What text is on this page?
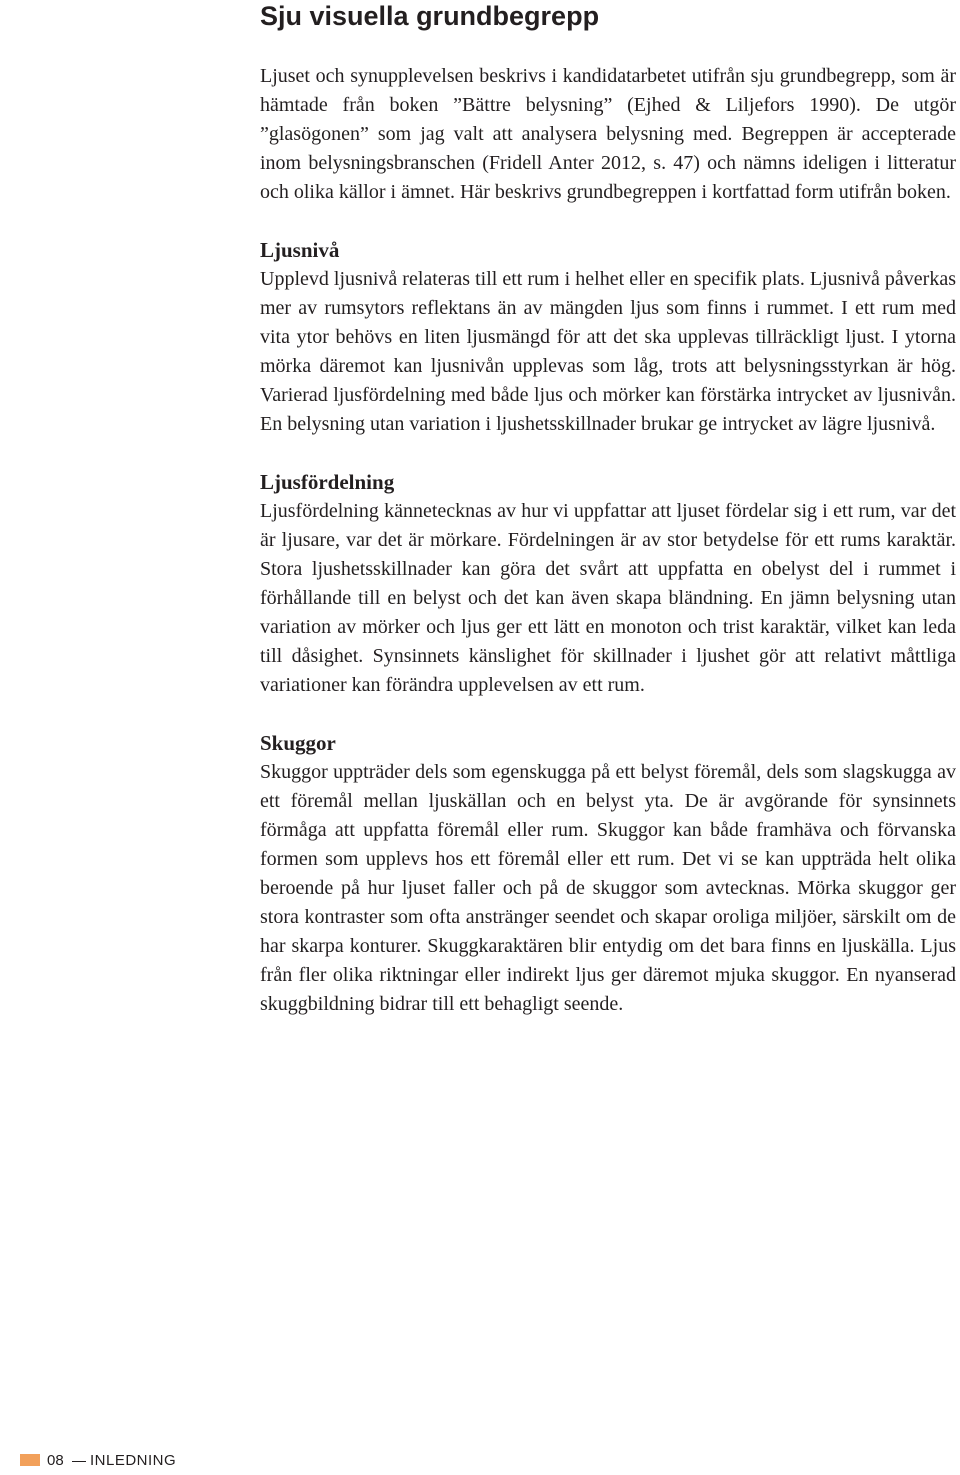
Sju visuella grundbegrepp

Ljuset och synupplevelsen beskrivs i kandidatarbetet utifrån sju grundbegrepp, som är hämtade från boken ”Bättre belysning” (Ejhed & Liljefors 1990). De utgör ”glasögonen” som jag valt att analysera belysning med. Begreppen är accepterade inom belysningsbranschen (Fridell Anter 2012, s. 47) och nämns ideligen i litteratur och olika källor i ämnet. Här beskrivs grundbegreppen i kortfattad form utifrån boken.

Ljusnivå

Upplevd ljusnivå relateras till ett rum i helhet eller en specifik plats. Ljusnivå påverkas mer av rumsytors reflektans än av mängden ljus som finns i rummet. I ett rum med vita ytor behövs en liten ljusmängd för att det ska upplevas tillräckligt ljust. I ytorna mörka däremot kan ljusnivån upplevas som låg, trots att belysningsstyrkan är hög. Varierad ljusfördelning med både ljus och mörker kan förstärka intrycket av ljusnivån. En belysning utan variation i ljushetsskillnader brukar ge intrycket av lägre ljusnivå.

Ljusfördelning

Ljusfördelning kännetecknas av hur vi uppfattar att ljuset fördelar sig i ett rum, var det är ljusare, var det är mörkare. Fördelningen är av stor betydelse för ett rums karaktär. Stora ljushetsskillnader kan göra det svårt att uppfatta en obelyst del i rummet i förhållande till en belyst och det kan även skapa bländning. En jämn belysning utan variation av mörker och ljus ger ett lätt en monoton och trist karaktär, vilket kan leda till dåsighet. Synsinnets känslighet för skillnader i ljushet gör att relativt måttliga variationer kan förändra upplevelsen av ett rum.

Skuggor

Skuggor uppträder dels som egenskugga på ett belyst föremål, dels som slagskugga av ett föremål mellan ljuskällan och en belyst yta. De är avgörande för synsinnets förmåga att uppfatta föremål eller rum. Skuggor kan både framhäva och förvanska formen som upplevs hos ett föremål eller ett rum. Det vi se kan uppträda helt olika beroende på hur ljuset faller och på de skuggor som avtecknas. Mörka skuggor ger stora kontraster som ofta anstränger seendet och skapar oroliga miljöer, särskilt om de har skarpa konturer. Skuggkaraktären blir entydig om det bara finns en ljuskälla. Ljus från fler olika riktningar eller indirekt ljus ger däremot mjuka skuggor. En nyanserad skuggbildning bidrar till ett behagligt seende.

08 INLEDNING
